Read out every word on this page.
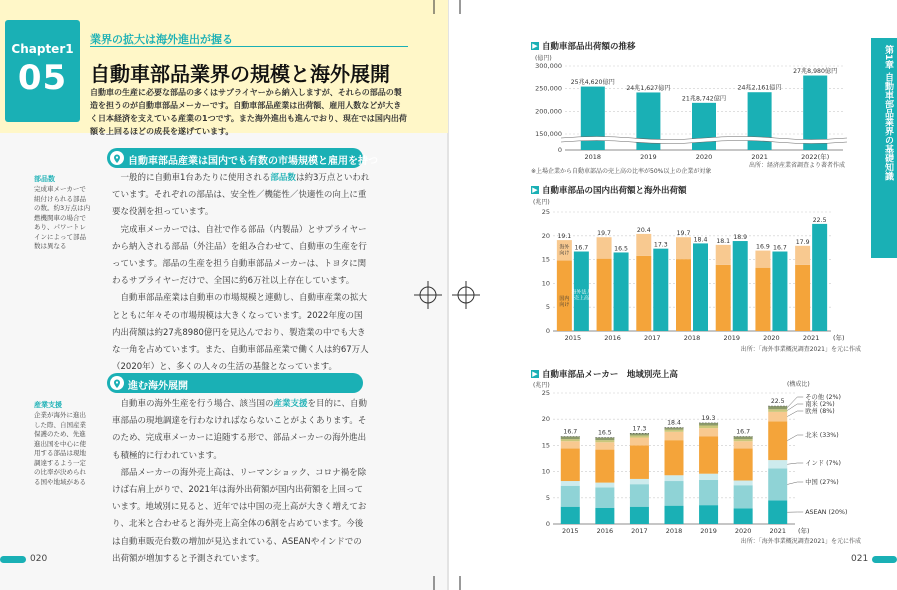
Chapter1
05
業界の拡大は海外進出が握る
自動車部品業界の規模と海外展開
自動車の生産に必要な部品の多くはサプライヤーから納入しますが、それらの部品の製造を担うのが自動車部品メーカーです。自動車部品産業は出荷額、雇用人数などが大きく日本経済を支えている産業の1つです。また海外進出も進んでおり、現在では国内出荷額を上回るほどの成長を遂げています。
自動車部品産業は国内でも有数の市場規模と雇用を持つ

一般的に自動車1台あたりに使用される部品数は約3万点といわれています。それぞれの部品は、安全性／機能性／快適性の向上に重要な役割を担っています。

完成車メーカーでは、自社で作る部品（内製品）とサプライヤーから納入される部品（外注品）を組み合わせて、自動車の生産を行っています。部品の生産を担う自動車部品メーカーは、トヨタに関わるサプライヤーだけで、全国に約6万社以上存在しています。

自動車部品産業は自動車の市場規模と連動し、自動車産業の拡大とともに年々その市場規模は大きくなっています。2022年度の国内出荷額は約27兆8980億円を見込んでおり、製造業の中でも大きな一角を占めています。また、自動車部品産業で働く人は約67万人（2020年）と、多くの人々の生活の基盤となっています。

進む海外展開

自動車の海外生産を行う場合、該当国の産業支援を目的に、自動車部品の現地調達を行わなければならないことがよくあります。そのため、完成車メーカーに追随する形で、部品メーカーの海外進出も積極的に行われています。

部品メーカーの海外売上高は、リーマンショック、コロナ禍を除けば右肩上がりで、2021年は海外出荷額が国内出荷額を上回っています。地域別に見ると、近年では中国の売上高が大きく増えており、北米と合わせると海外売上高全体の6割を占めています。今後は自動車販売台数の増加が見込まれている、ASEANやインドでの出荷額が増加すると予測されています。

部品数
完成車メーカーで組付けられる部品の数。約3万点は内燃機関車の場合であり、パワートレインによって部品数は異なる
産業支援
企業が海外に進出した際、自国産業保護のため、先進進出国を中心に使用する部品は現地調達するよう一定の比率が決められる国や地域がある
020	021
第1章 自動車部品業界の基礎知識
▶ 自動車部品出荷額の推移
(億円)
300,000
250,000
200,000
150,000
0
25兆4,620億円
2018
24兆1,627億円
2019
21兆8,742億円
2020
24兆2,161億円
2021
27兆8,980億円
2022(年)
出所：経済産業省調査より著者作成
※上場企業から自動車部品の売上高の比率が50%以上の企業が対象
▶ 自動車部品の国内出荷額と海外出荷額
(兆円)
0
5
10
15
20
25
19.1
16.7
2015
19.7
16.5
2016
20.4
17.3
2017
19.7
18.4
2018
18.1
18.9
2019
16.9 16.7
2020
17.9
22.5
2021 (年)
海外
向け
国内
向け
海外法人
売上高
出所：「海外事業概況調査2021」を元に作成
▶ 自動車部品メーカー　地域別売上高
(兆円)
0
5
10
15
20
25
16.7
2015
16.5
2016
17.3
2017
18.4
2018
19.3
2019
16.7
2020
22.5
2021 (年)
(構成比)
ASEAN (20%)
中国 (27%)
インド (7%)
北米 (33%)
欧州 (8%)
南米 (2%)
その他 (2%)
出所：「海外事業概況調査2021」を元に作成
